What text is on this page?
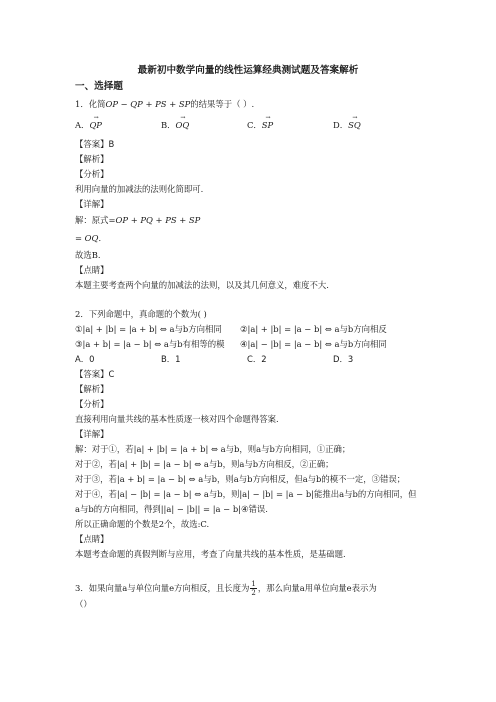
最新初中数学向量的线性运算经典测试题及答案解析
一、选择题
1．化简OP − QP + PS + SP的结果等于（ ）.
A．→ QP	B．→ OQ	C．→ SP	D．→ SQ
【答案】B
【解析】
【分析】
利用向量的加减法的法则化简即可.
【详解】
解：原式=OP + PQ + PS + SP
= OQ．
故选B.
【点睛】
本题主要考查两个向量的加减法的法则，以及其几何意义，难度不大.
2．下列命题中，真命题的个数为( )
①|a| + |b| = |a + b| ⇔ a与b方向相同 ②|a| + |b| = |a − b| ⇔ a与b方向相反
③|a + b| = |a − b| ⇔ a与b有相等的模 ④|a| − |b| = |a − b| ⇔ a与b方向相同
A．0	B．1	C．2	D．3
【答案】C
【解析】
【分析】
直接利用向量共线的基本性质逐一核对四个命题得答案.
【详解】
解：对于①，若|a| + |b| = |a + b| ⇔ a与b，则a与b方向相同，①正确；
对于②，若|a| + |b| = |a − b| ⇔ a与b，则a与b方向相反，②正确；
对于③，若|a + b| = |a − b| ⇔ a与b，则a与b方向相反，但a与b的模不一定，③错误；
对于④，若|a| − |b| = |a − b| ⇔ a与b，则|a| − |b| = |a − b|能推出a与b的方向相同，但
a与b的方向相同，得到||a| − |b|| = |a − b|④错误.
所以正确命题的个数是2个，故选:C.
【点睛】
本题考查命题的真假判断与应用，考查了向量共线的基本性质，是基础题.
3．如果向量a与单位向量e方向相反，且长度为 $\frac{1}{2}$ ，那么向量a用单位向量e表示为
（）
